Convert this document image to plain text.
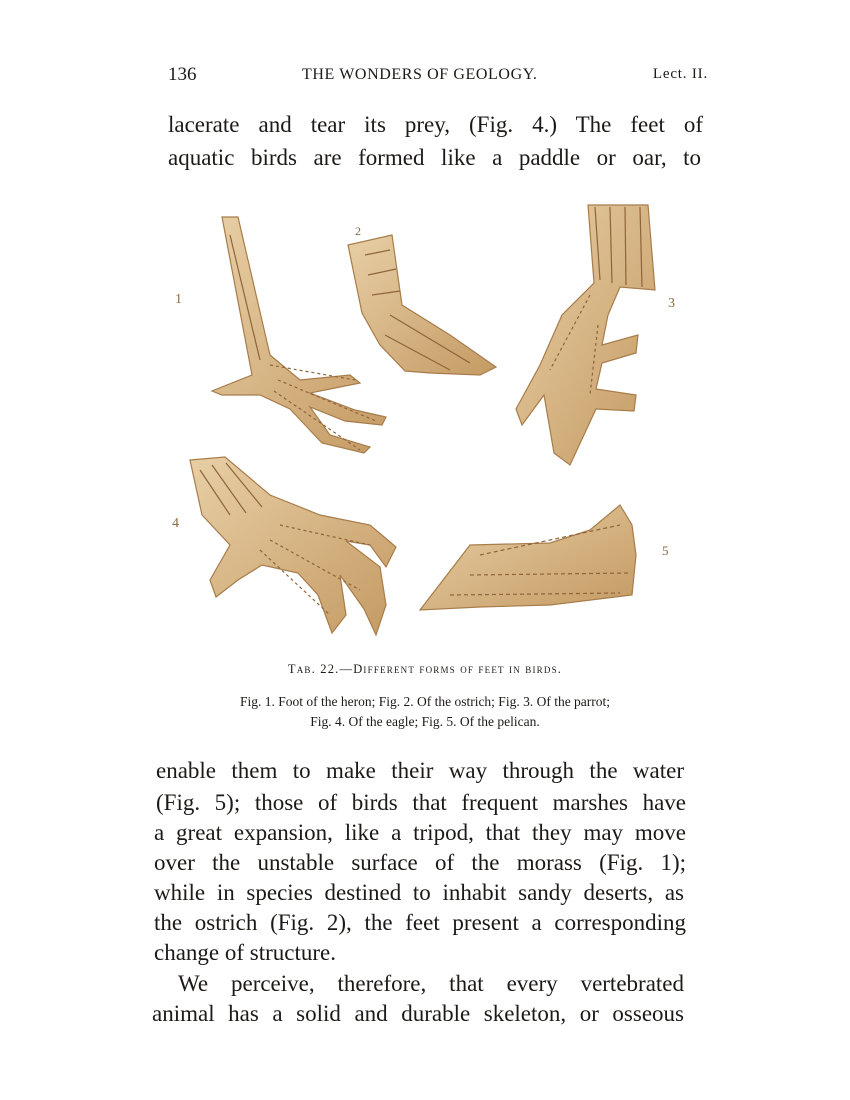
136	THE WONDERS OF GEOLOGY.	Lect. II.
lacerate and tear its prey, (Fig. 4.) The feet of
aquatic birds are formed like a paddle or oar, to
1
2
3
4
5
Tab. 22.—Different forms of feet in birds.
Fig. 1. Foot of the heron; Fig. 2. Of the ostrich; Fig. 3. Of the parrot;
Fig. 4. Of the eagle; Fig. 5. Of the pelican.
enable them to make their way through the water
(Fig. 5); those of birds that frequent marshes have
a great expansion, like a tripod, that they may move
over the unstable surface of the morass (Fig. 1);
while in species destined to inhabit sandy deserts, as
the ostrich (Fig. 2), the feet present a corresponding
change of structure.
We perceive, therefore, that every vertebrated
animal has a solid and durable skeleton, or osseous
